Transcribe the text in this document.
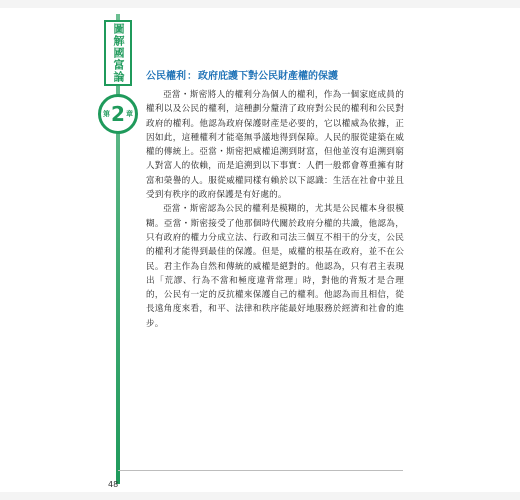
圖解國富論
第 2 章
公民權利：政府庇護下對公民財產權的保護

亞當・斯密將人的權利分為個人的權利，作為一個家庭成員的權利以及公民的權利，這種劃分釐清了政府對公民的權利和公民對政府的權利。他認為政府保護財產是必要的，它以權威為依據，正因如此，這種權利才能毫無爭議地得到保障。人民的服從建築在威權的傳統上。亞當・斯密把威權追溯到財富，但他並沒有追溯到窮人對富人的依賴，而是追溯到以下事實：人們一般都會尊重擁有財富和榮譽的人。服從威權同樣有賴於以下認識：生活在社會中並且受到有秩序的政府保護是有好處的。

亞當・斯密認為公民的權利是模糊的，尤其是公民權本身很模糊。亞當・斯密接受了他那個時代關於政府分權的共識，他認為，只有政府的權力分成立法、行政和司法三個互不相干的分支，公民的權利才能得到最佳的保護。但是，威權的根基在政府，並不在公民。君主作為自然和傳統的威權是絕對的。他認為，只有君主表現出「荒謬、行為不當和極度違背常理」時，對他的背叛才是合理的，公民有一定的反抗權來保護自己的權利。他認為而且相信，從長遠角度來看，和平、法律和秩序能最好地服務於經濟和社會的進步。

48
